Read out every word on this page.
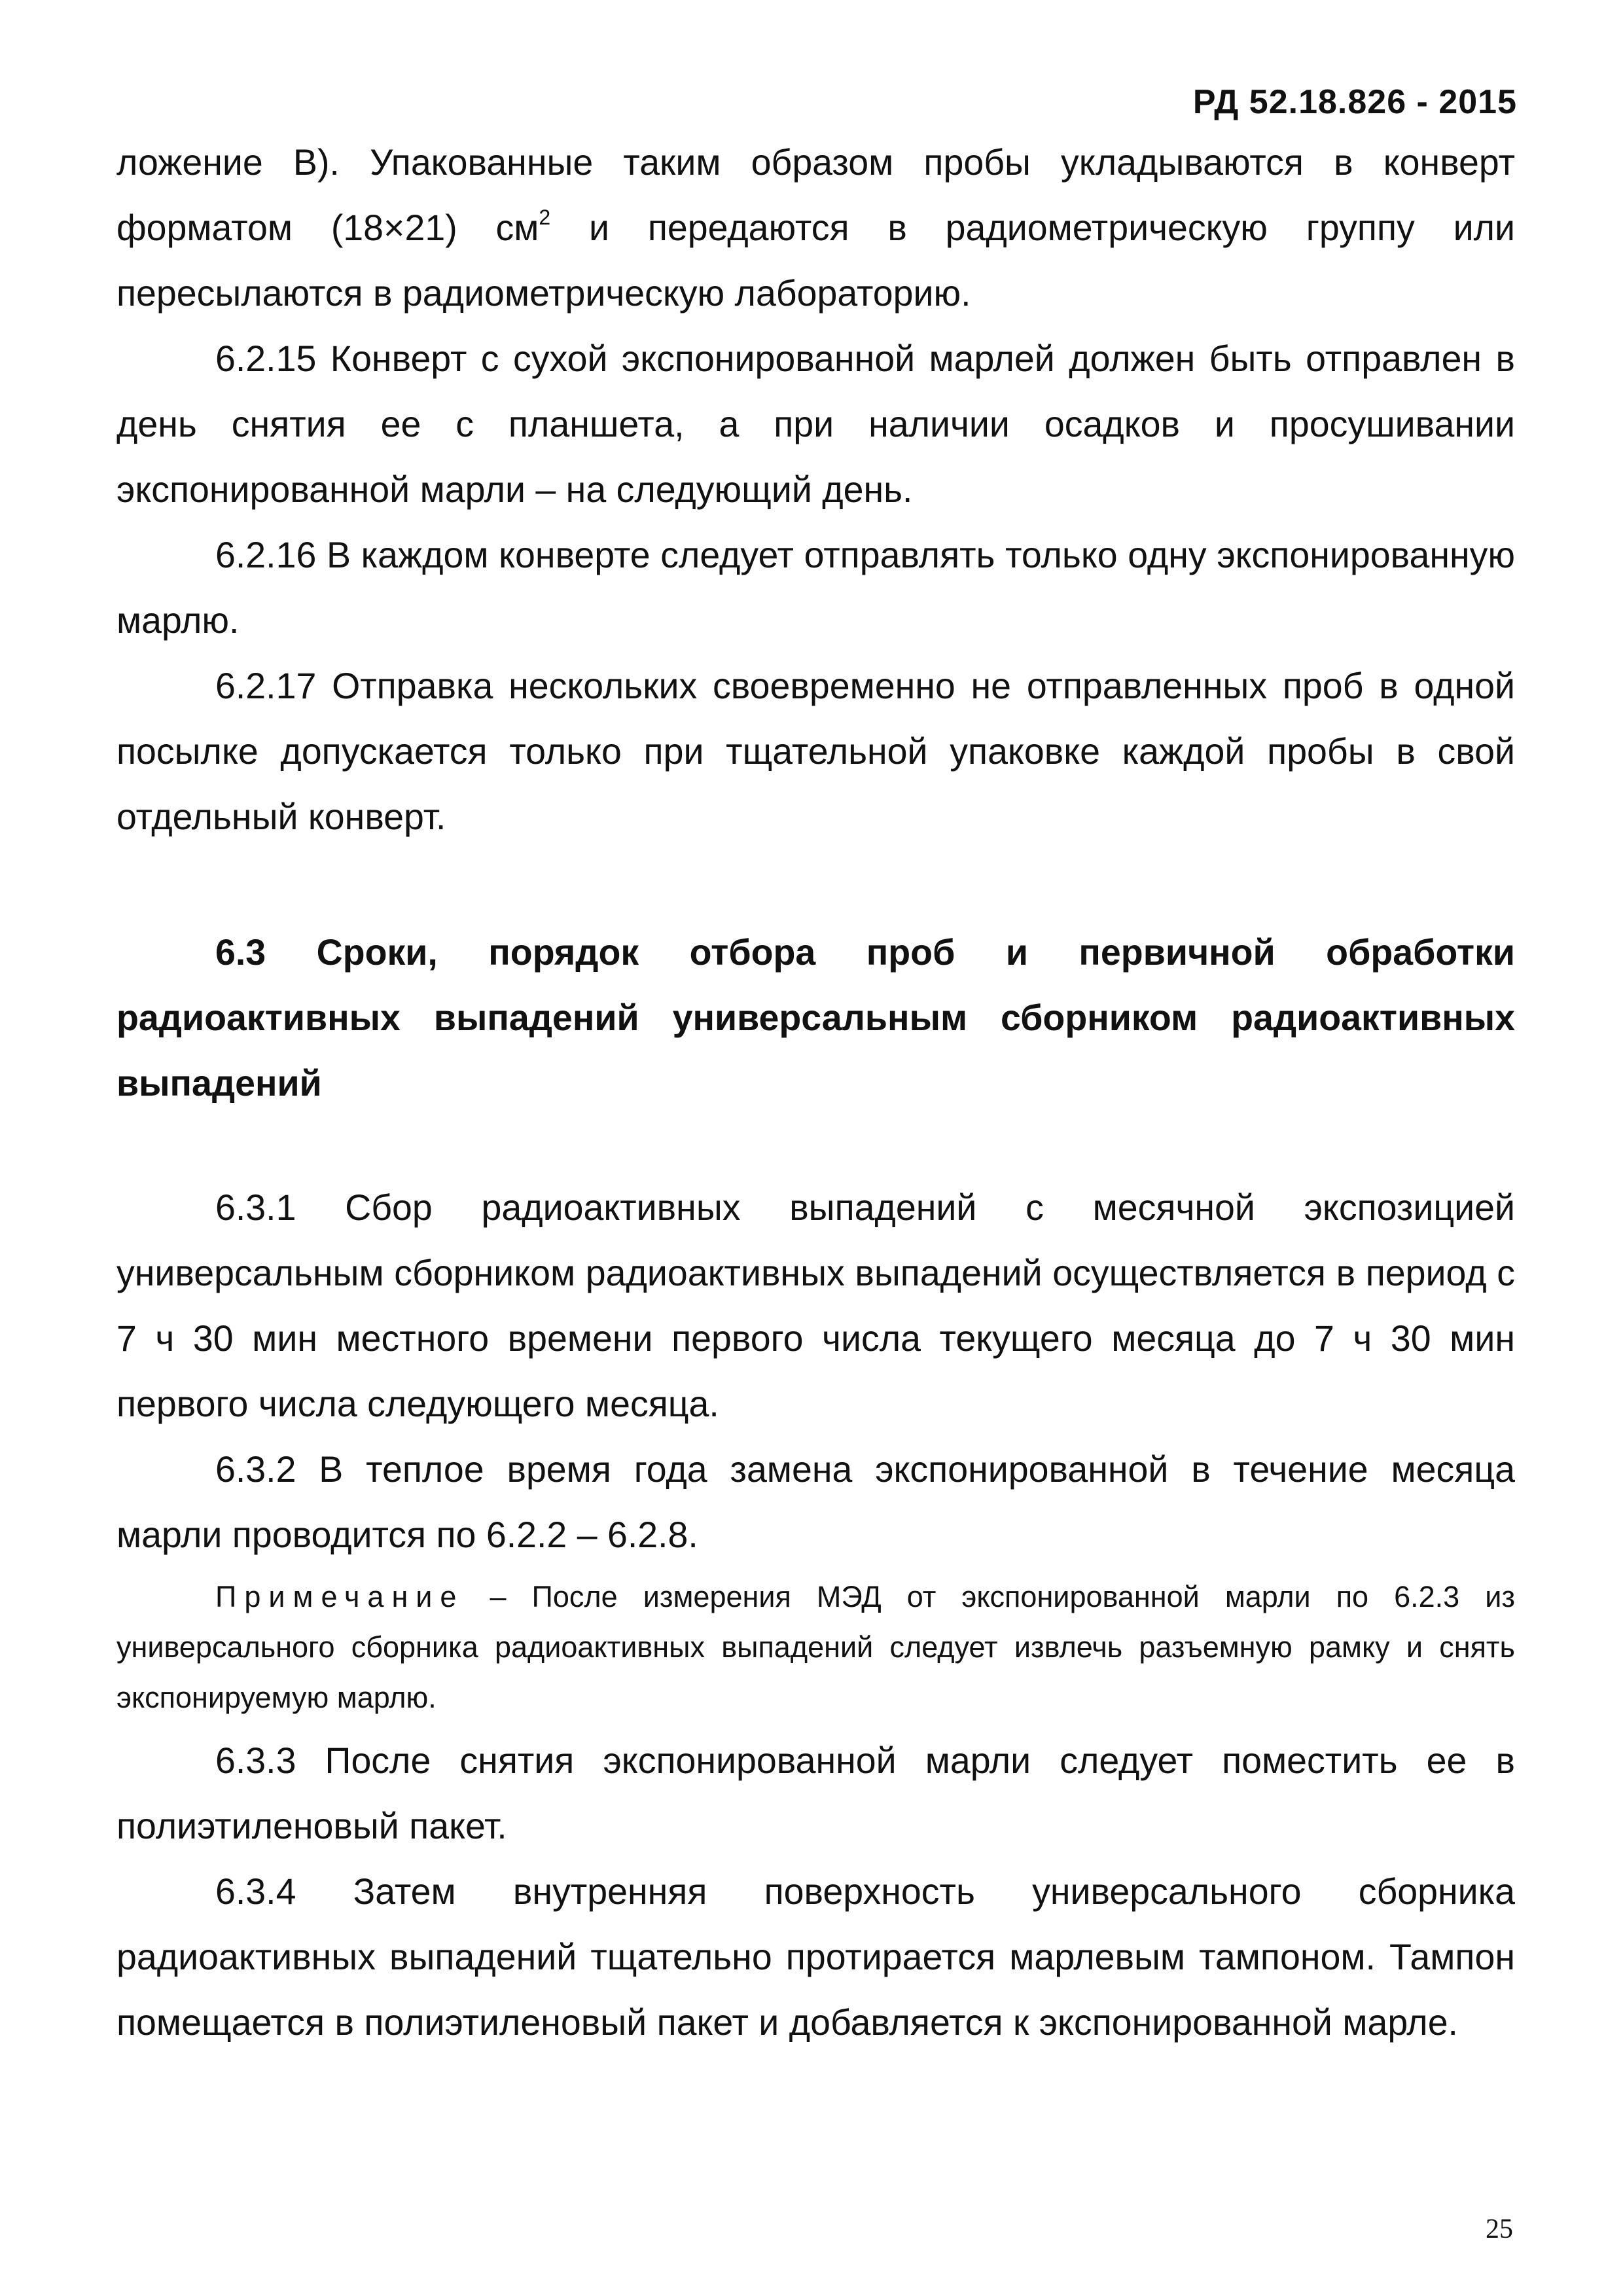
РД 52.18.826 - 2015

ложение В). Упакованные таким образом пробы укладываются в конверт форматом (18×21) $см^2$ и передаются в радиометрическую группу или пересылаются в радиометрическую лабораторию.

6.2.15 Конверт с сухой экспонированной марлей должен быть отправлен в день снятия ее с планшета, а при наличии осадков и просушивании экспонированной марли – на следующий день.

6.2.16 В каждом конверте следует отправлять только одну экспонированную марлю.

6.2.17 Отправка нескольких своевременно не отправленных проб в одной посылке допускается только при тщательной упаковке каждой пробы в свой отдельный конверт.

6.3 Сроки, порядок отбора проб и первичной обработки радиоактивных выпадений универсальным сборником радиоактивных выпадений

6.3.1 Сбор радиоактивных выпадений с месячной экспозицией универсальным сборником радиоактивных выпадений осуществляется в период с 7 ч 30 мин местного времени первого числа текущего месяца до 7 ч 30 мин первого числа следующего месяца.

6.3.2 В теплое время года замена экспонированной в течение месяца марли проводится по 6.2.2 – 6.2.8.

Примечание – После измерения МЭД от экспонированной марли по 6.2.3 из универсального сборника радиоактивных выпадений следует извлечь разъемную рамку и снять экспонируемую марлю.

6.3.3 После снятия экспонированной марли следует поместить ее в полиэтиленовый пакет.

6.3.4 Затем внутренняя поверхность универсального сборника радиоактивных выпадений тщательно протирается марлевым тампоном. Тампон помещается в полиэтиленовый пакет и добавляется к экспонированной марле.

25
